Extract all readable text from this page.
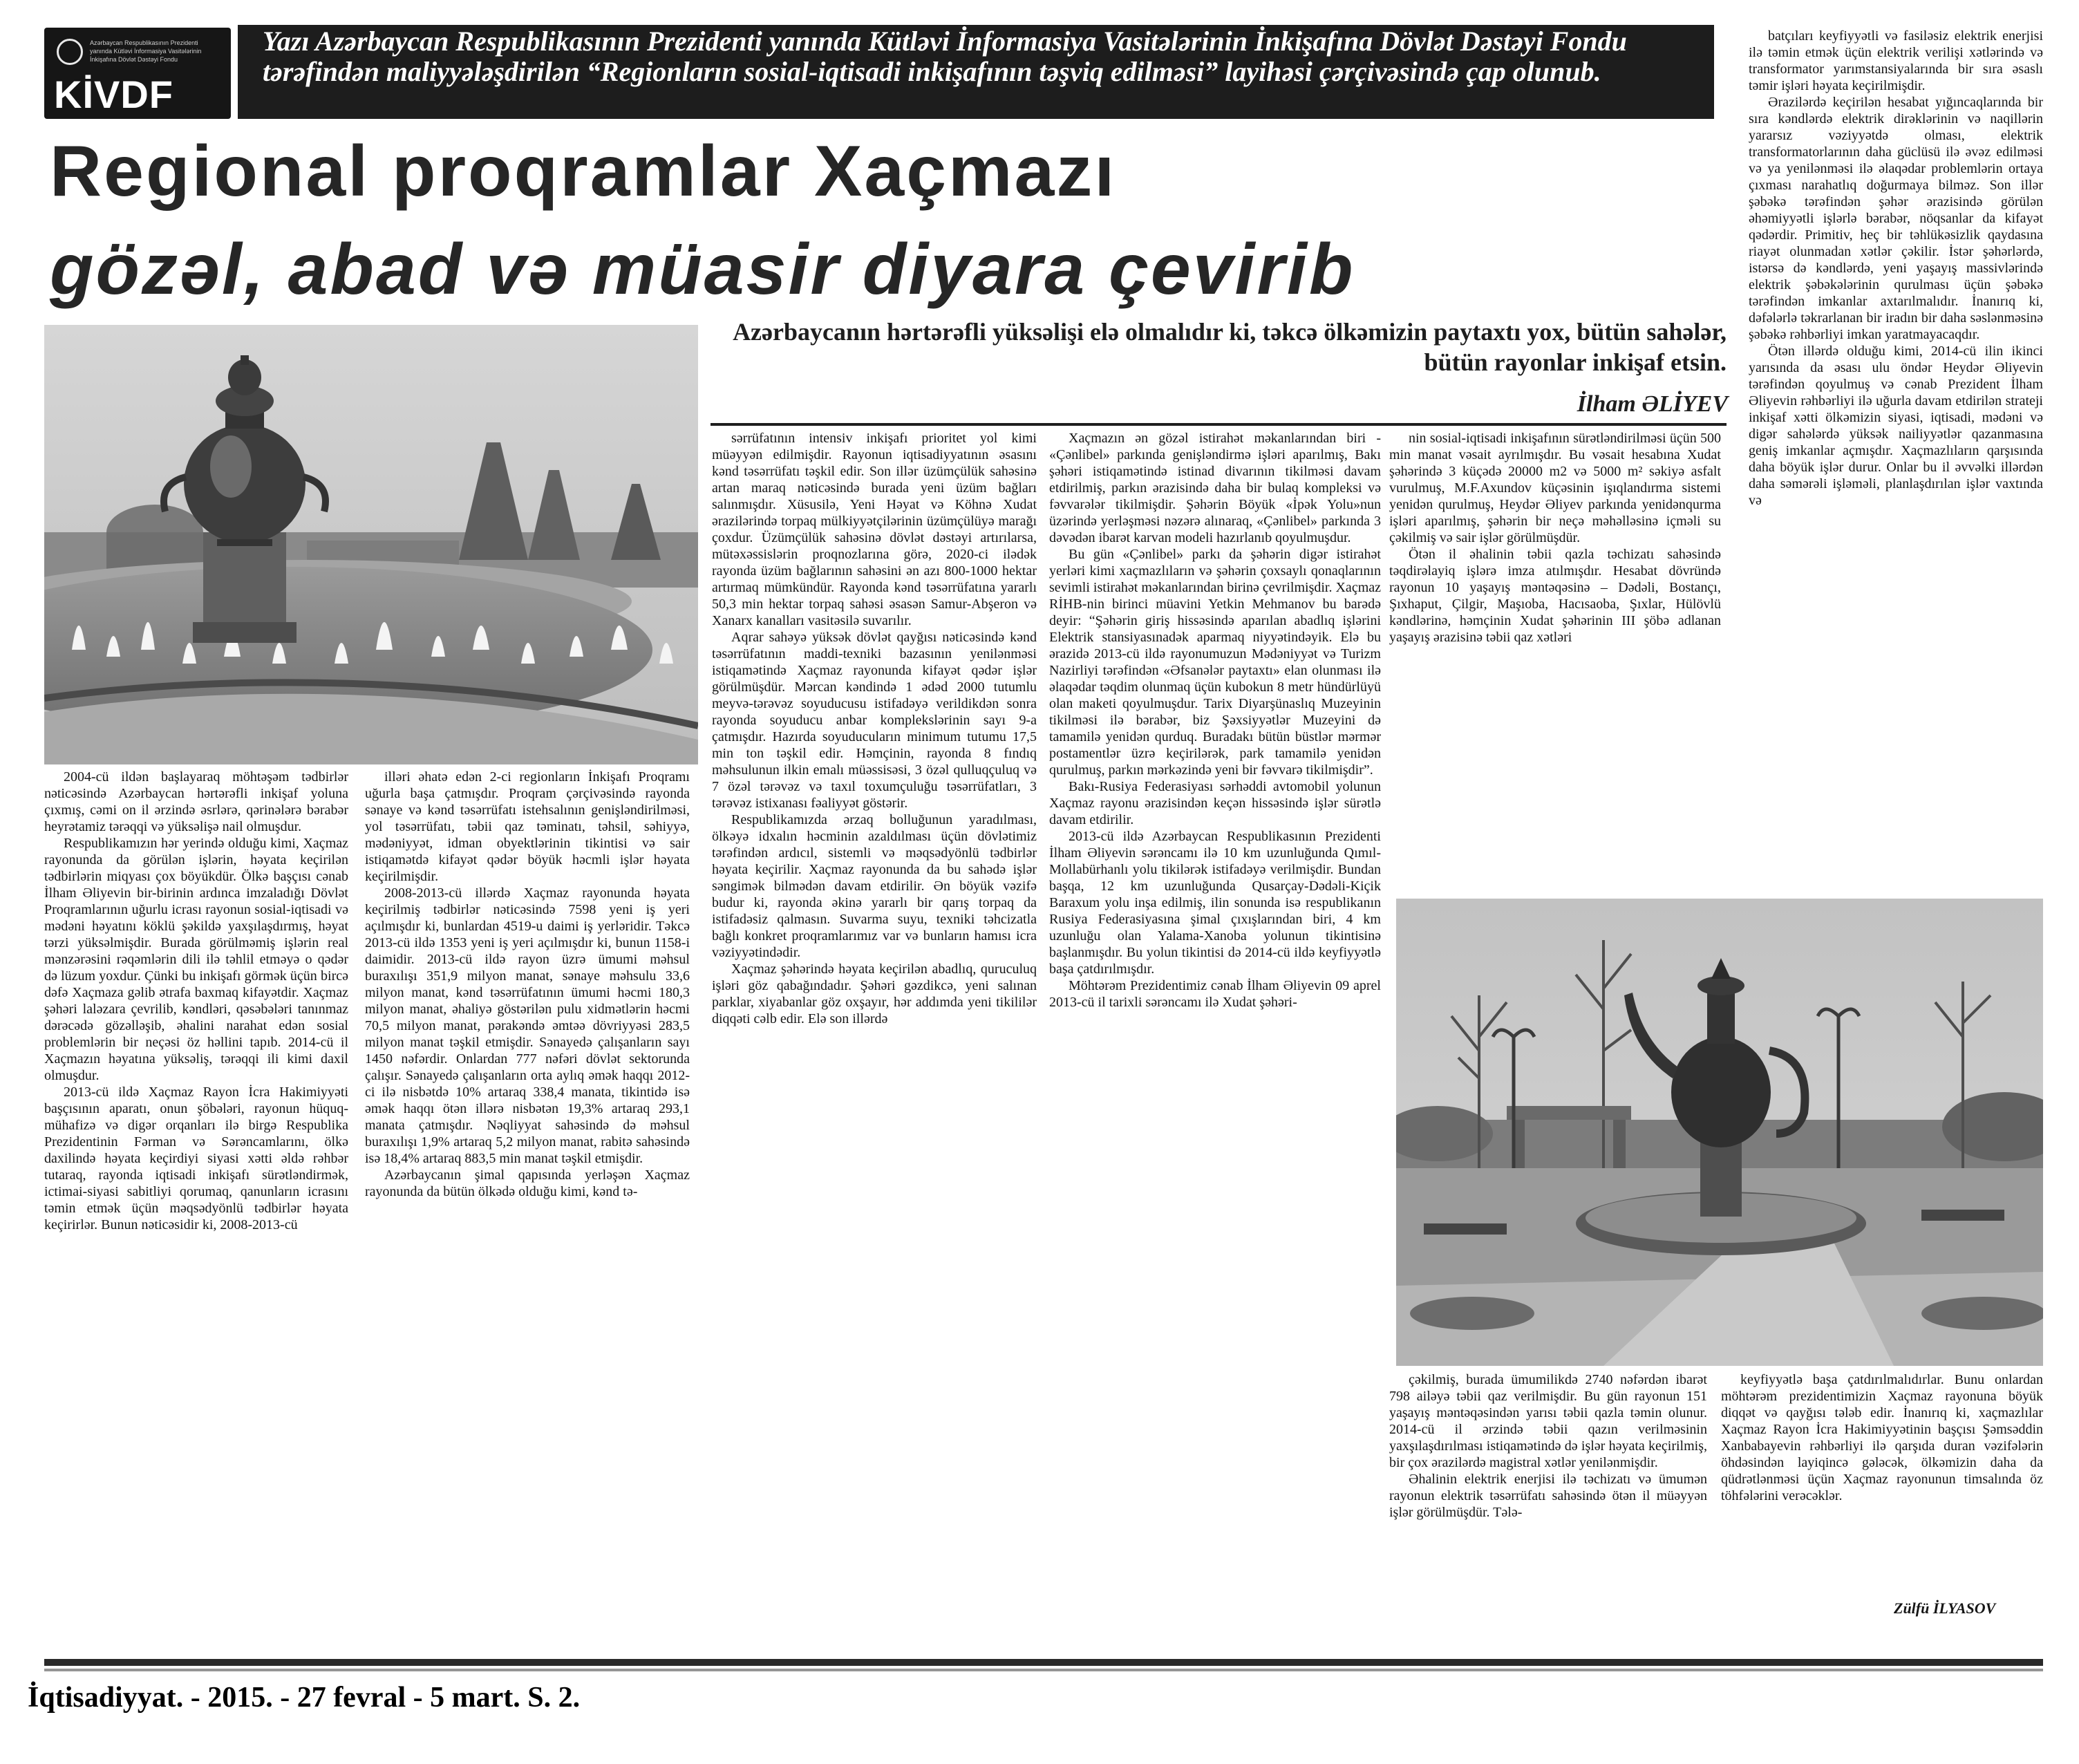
Azərbaycan Respublikasının Prezidenti yanında Kütləvi İnformasiya Vasitələrinin İnkişafına Dövlət Dəstəyi Fondu
KİVDF
Yazı Azərbaycan Respublikasının Prezidenti yanında Kütləvi İnformasiya Vasitələrinin İnkişafına Dövlət Dəstəyi Fondu tərəfindən maliyyələşdirilən “Regionların sosial-iqtisadi inkişafının təşviq edilməsi” layihəsi çərçivəsində çap olunub.
Regional proqramlar Xaçmazı
gözəl, abad və müasir diyara çevirib
Azərbaycanın hərtərəfli yüksəlişi elə olmalıdır ki, təkcə ölkəmizin paytaxtı yox, bütün sahələr, bütün rayonlar inkişaf etsin.
İlham ƏLİYEV

2004-cü ildən başlayaraq möhtəşəm tədbirlər nəticəsində Azərbaycan hərtərəfli inkişaf yoluna çıxmış, cəmi on il ərzində əsrlərə, qərinələrə bərabər heyrətamiz tərəqqi və yüksəlişə nail olmuşdur.

Respublikamızın hər yerində olduğu kimi, Xaçmaz rayonunda da görülən işlərin, həyata keçirilən tədbirlərin miqyası çox böyükdür. Ölkə başçısı cənab İlham Əliyevin bir-birinin ardınca imzaladığı Dövlət Proqramlarının uğurlu icrası rayonun sosial-iqtisadi və mədəni həyatını köklü şəkildə yaxşılaşdırmış, həyat tərzi yüksəlmişdir. Burada görülməmiş işlərin real mənzərəsini rəqəmlərin dili ilə təhlil etməyə o qədər də lüzum yoxdur. Çünki bu inkişafı görmək üçün bircə dəfə Xaçmaza gəlib ətrafa baxmaq kifayətdir. Xaçmaz şəhəri laləzara çevrilib, kəndləri, qəsəbələri tanınmaz dərəcədə gözəlləşib, əhalini narahat edən sosial problemlərin bir neçəsi öz həllini tapıb. 2014-cü il Xaçmazın həyatına yüksəliş, tərəqqi ili kimi daxil olmuşdur.

2013-cü ildə Xaçmaz Rayon İcra Hakimiyyəti başçısının aparatı, onun şöbələri, rayonun hüquq-mühafizə və digər orqanları ilə birgə Respublika Prezidentinin Fərman və Sərəncamlarını, ölkə daxilində həyata keçirdiyi siyasi xətti əldə rəhbər tutaraq, rayonda iqtisadi inkişafı sürətləndirmək, ictimai-siyasi sabitliyi qorumaq, qanunların icrasını təmin etmək üçün məqsədyönlü tədbirlər həyata keçirirlər. Bunun nəticəsidir ki, 2008-2013-cü

illəri əhatə edən 2-ci regionların İnkişafı Proqramı uğurla başa çatmışdır. Proqram çərçivəsində rayonda sənaye və kənd təsərrüfatı istehsalının genişləndirilməsi, yol təsərrüfatı, təbii qaz təminatı, təhsil, səhiyyə, mədəniyyət, idman obyektlərinin tikintisi və sair istiqamətdə kifayət qədər böyük həcmli işlər həyata keçirilmişdir.

2008-2013-cü illərdə Xaçmaz rayonunda həyata keçirilmiş tədbirlər nəticəsində 7598 yeni iş yeri açılmışdır ki, bunlardan 4519-u daimi iş yerləridir. Təkcə 2013-cü ildə 1353 yeni iş yeri açılmışdır ki, bunun 1158-i daimidir. 2013-cü ildə rayon üzrə ümumi məhsul buraxılışı 351,9 milyon manat, sənaye məhsulu 33,6 milyon manat, kənd təsərrüfatının ümumi həcmi 180,3 milyon manat, əhaliyə göstərilən pulu xidmətlərin həcmi 70,5 milyon manat, pərakəndə əmtəə dövriyyəsi 283,5 milyon manat təşkil etmişdir. Sənayedə çalışanların sayı 1450 nəfərdir. Onlardan 777 nəfəri dövlət sektorunda çalışır. Sənayedə çalışanların orta aylıq əmək haqqı 2012-ci ilə nisbətdə 10% artaraq 338,4 manata, tikintidə isə əmək haqqı ötən illərə nisbətən 19,3% artaraq 293,1 manata çatmışdır. Nəqliyyat sahəsində də məhsul buraxılışı 1,9% artaraq 5,2 milyon manat, rabitə sahəsində isə 18,4% artaraq 883,5 min manat təşkil etmişdir.

Azərbaycanın şimal qapısında yerləşən Xaçmaz rayonunda da bütün ölkədə olduğu kimi, kənd tə-

sərrüfatının intensiv inkişafı prioritet yol kimi müəyyən edilmişdir. Rayonun iqtisadiyyatının əsasını kənd təsərrüfatı təşkil edir. Son illər üzümçülük sahəsinə artan maraq nəticəsində burada yeni üzüm bağları salınmışdır. Xüsusilə, Yeni Həyat və Köhnə Xudat ərazilərində torpaq mülkiyyətçilərinin üzümçülüyə marağı çoxdur. Üzümçülük sahəsinə dövlət dəstəyi artırılarsa, mütəxəssislərin proqnozlarına görə, 2020-ci ilədək rayonda üzüm bağlarının sahəsini ən azı 800-1000 hektar artırmaq mümkündür. Rayonda kənd təsərrüfatına yararlı 50,3 min hektar torpaq sahəsi əsasən Samur-Abşeron və Xanarx kanalları vasitəsilə suvarılır.

Aqrar sahəyə yüksək dövlət qayğısı nəticəsində kənd təsərrüfatının maddi-texniki bazasının yenilənməsi istiqamətində Xaçmaz rayonunda kifayət qədər işlər görülmüşdür. Mərcan kəndində 1 ədəd 2000 tutumlu meyvə-tərəvəz soyuducusu istifadəyə verildikdən sonra rayonda soyuducu anbar komplekslərinin sayı 9-a çatmışdır. Hazırda soyuducuların minimum tutumu 17,5 min ton təşkil edir. Həmçinin, rayonda 8 fındıq məhsulunun ilkin emalı müəssisəsi, 3 özəl qulluqçuluq və 7 özəl tərəvəz və taxıl toxumçuluğu təsərrüfatları, 3 tərəvəz istixanası fəaliyyət göstərir.

Respublikamızda ərzaq bolluğunun yaradılması, ölkəyə idxalın həcminin azaldılması üçün dövlətimiz tərəfindən ardıcıl, sistemli və məqsədyönlü tədbirlər həyata keçirilir. Xaçmaz rayonunda da bu sahədə işlər səngimək bilmədən davam etdirilir. Ən böyük vəzifə budur ki, rayonda əkinə yararlı bir qarış torpaq da istifadəsiz qalmasın. Suvarma suyu, texniki təhcizatla bağlı konkret proqramlarımız var və bunların hamısı icra vəziyyətindədir.

Xaçmaz şəhərində həyata keçirilən abadlıq, quruculuq işləri göz qabağındadır. Şəhəri gəzdikcə, yeni salınan parklar, xiyabanlar göz oxşayır, hər addımda yeni tikililər diqqəti cəlb edir. Elə son illərdə

Xaçmazın ən gözəl istirahət məkanlarından biri - «Çənlibel» parkında genişləndirmə işləri aparılmış, Bakı şəhəri istiqamətində istinad divarının tikilməsi davam etdirilmiş, parkın ərazisində daha bir bulaq kompleksi və fəvvarələr tikilmişdir. Şəhərin Böyük «İpək Yolu»nun üzərində yerləşməsi nəzərə alınaraq, «Çənlibel» parkında 3 dəvədən ibarət karvan modeli hazırlanıb qoyulmuşdur.

Bu gün «Çənlibel» parkı da şəhərin digər istirahət yerləri kimi xaçmazlıların və şəhərin çoxsaylı qonaqlarının sevimli istirahət məkanlarından birinə çevrilmişdir. Xaçmaz RİHB-nin birinci müavini Yetkin Mehmanov bu barədə deyir: “Şəhərin giriş hissəsində aparılan abadlıq işlərini Elektrik stansiyasınadək aparmaq niyyətindəyik. Elə bu ərazidə 2013-cü ildə rayonumuzun Mədəniyyət və Turizm Nazirliyi tərəfindən «Əfsanələr paytaxtı» elan olunması ilə əlaqədar təqdim olunmaq üçün kubokun 8 metr hündürlüyü olan maketi qoyulmuşdur. Tarix Diyarşünaslıq Muzeyinin tikilməsi ilə bərabər, biz Şəxsiyyətlər Muzeyini də tamamilə yenidən qurduq. Buradakı bütün büstlər mərmər postamentlər üzrə keçirilərək, park tamamilə yenidən qurulmuş, parkın mərkəzində yeni bir fəvvarə tikilmişdir”.

Bakı-Rusiya Federasiyası sərhəddi avtomobil yolunun Xaçmaz rayonu ərazisindən keçən hissəsində işlər sürətlə davam etdirilir.

2013-cü ildə Azərbaycan Respublikasının Prezidenti İlham Əliyevin sərəncamı ilə 10 km uzunluğunda Qımıl-Mollabürhanlı yolu tikilərək istifadəyə verilmişdir. Bundan başqa, 12 km uzunluğunda Qusarçay-Dədəli-Kiçik Baraxum yolu inşa edilmiş, ilin sonunda isə respublikanın Rusiya Federasiyasına şimal çıxışlarından biri, 4 km uzunluğu olan Yalama-Xanoba yolunun tikintisinə başlanmışdır. Bu yolun tikintisi də 2014-cü ildə keyfiyyətlə başa çatdırılmışdır.

Möhtərəm Prezidentimiz cənab İlham Əliyevin 09 aprel 2013-cü il tarixli sərəncamı ilə Xudat şəhəri-

nin sosial-iqtisadi inkişafının sürətləndirilməsi üçün 500 min manat vəsait ayrılmışdır. Bu vəsait hesabına Xudat şəhərində 3 küçədə 20000 m2 və 5000 m² səkiyə asfalt vurulmuş, M.F.Axundov küçəsinin işıqlandırma sistemi yenidən qurulmuş, Heydər Əliyev parkında yenidənqurma işləri aparılmış, şəhərin bir neçə məhəlləsinə içməli su çəkilmiş və sair işlər görülmüşdür.

Ötən il əhalinin təbii qazla təchizatı sahəsində təqdirəlayiq işlərə imza atılmışdır. Hesabat dövründə rayonun 10 yaşayış məntəqəsinə – Dədəli, Bostançı, Şıxhaput, Çilgir, Maşıoba, Hacısaoba, Şıxlar, Hülövlü kəndlərinə, həmçinin Xudat şəhərinin III şöbə adlanan yaşayış ərazisinə təbii qaz xətləri

batçıları keyfiyyətli və fasiləsiz elektrik enerjisi ilə təmin etmək üçün elektrik verilişi xətlərində və transformator yarımstansiyalarında bir sıra əsaslı təmir işləri həyata keçirilmişdir.

Ərazilərdə keçirilən hesabat yığıncaqlarında bir sıra kəndlərdə elektrik dirəklərinin və naqillərin yararsız vəziyyətdə olması, elektrik transformatorlarının daha güclüsü ilə əvəz edilməsi və ya yenilənməsi ilə əlaqədar problemlərin ortaya çıxması narahatlıq doğurmaya bilməz. Son illər şəbəkə tərəfindən şəhər ərazisində görülən əhəmiyyətli işlərlə bərabər, nöqsanlar da kifayət qədərdir. Primitiv, heç bir təhlükəsizlik qaydasına riayət olunmadan xətlər çəkilir. İstər şəhərlərdə, istərsə də kəndlərdə, yeni yaşayış massivlərində elektrik şəbəkələrinin qurulması üçün şəbəkə tərəfindən imkanlar axtarılmalıdır. İnanırıq ki, dəfələrlə təkrarlanan bir iradın bir daha səslənməsinə şəbəkə rəhbərliyi imkan yaratmayacaqdır.

Ötən illərdə olduğu kimi, 2014-cü ilin ikinci yarısında da əsası ulu öndər Heydər Əliyevin tərəfindən qoyulmuş və cənab Prezident İlham Əliyevin rəhbərliyi ilə uğurla davam etdirilən strateji inkişaf xətti ölkəmizin siyasi, iqtisadi, mədəni və digər sahələrdə yüksək nailiyyətlər qazanmasına geniş imkanlar açmışdır. Xaçmazlıların qarşısında daha böyük işlər durur. Onlar bu il əvvəlki illərdən daha səmərəli işləməli, planlaşdırılan işlər vaxtında və

çəkilmiş, burada ümumilikdə 2740 nəfərdən ibarət 798 ailəyə təbii qaz verilmişdir. Bu gün rayonun 151 yaşayış məntəqəsindən yarısı təbii qazla təmin olunur. 2014-cü il ərzində təbii qazın verilməsinin yaxşılaşdırılması istiqamətində də işlər həyata keçirilmiş, bir çox ərazilərdə magistral xətlər yenilənmişdir.

Əhalinin elektrik enerjisi ilə təchizatı və ümumən rayonun elektrik təsərrüfatı sahəsində ötən il müəyyən işlər görülmüşdür. Tələ-

keyfiyyətlə başa çatdırılmalıdırlar. Bunu onlardan möhtərəm prezidentimizin Xaçmaz rayonuna böyük diqqət və qayğısı tələb edir. İnanırıq ki, xaçmazlılar Xaçmaz Rayon İcra Hakimiyyətinin başçısı Şəmsəddin Xanbabayevin rəhbərliyi ilə qarşıda duran vəzifələrin öhdəsindən layiqincə gələcək, ölkəmizin daha da qüdrətlənməsi üçün Xaçmaz rayonunun timsalında öz töhfələrini verəcəklər.

Zülfü İLYASOV
İqtisadiyyat. - 2015. - 27 fevral - 5 mart. S. 2.
